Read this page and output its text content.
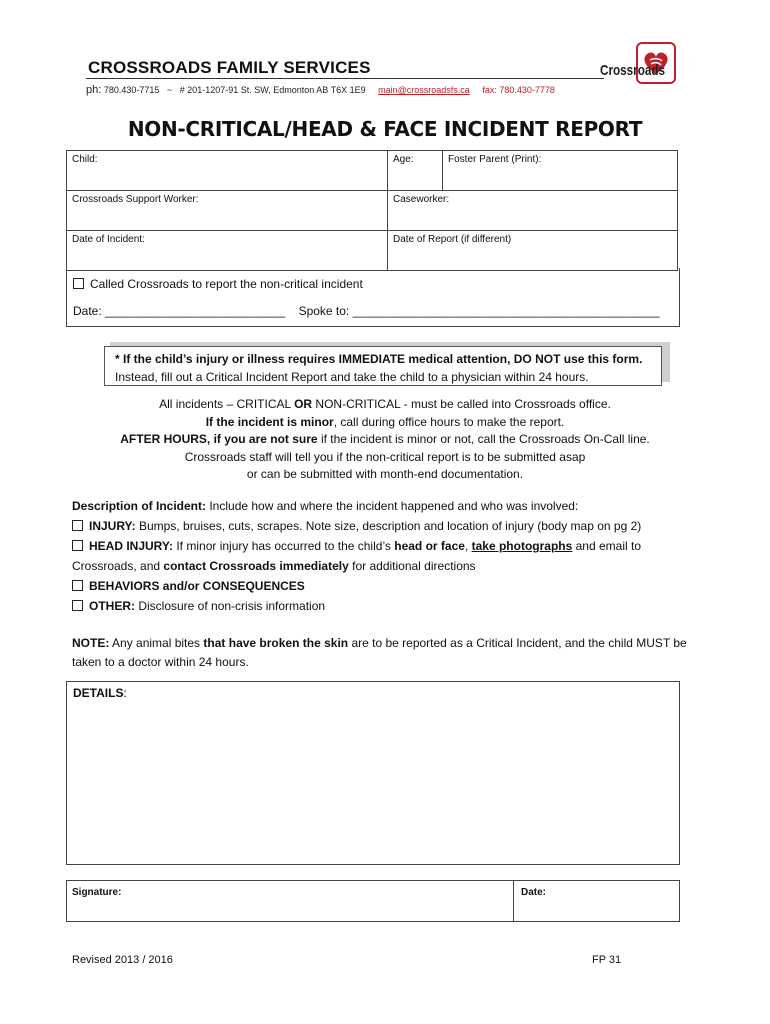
CROSSROADS FAMILY SERVICES
ph: 780.430-7715 ~ # 201-1207-91 St. SW, Edmonton AB T6X 1E9 main@crossroadsfs.ca fax: 780.430-7778
Crossroads
NON-CRITICAL/HEAD & FACE INCIDENT REPORT
Child:	Age:	Foster Parent (Print):
Crossroads Support Worker:	Caseworker:	
Date of Incident:	Date of Report (if different)	
Called Crossroads to report the non-critical incident
Date: ___________________________ Spoke to: ______________________________________________
* If the child’s injury or illness requires IMMEDIATE medical attention, DO NOT use this form.
Instead, fill out a Critical Incident Report and take the child to a physician within 24 hours.
All incidents – CRITICAL OR NON-CRITICAL - must be called into Crossroads office.
If the incident is minor, call during office hours to make the report.
AFTER HOURS, if you are not sure if the incident is minor or not, call the Crossroads On-Call line.
Crossroads staff will tell you if the non-critical report is to be submitted asap
or can be submitted with month-end documentation.

Description of Incident: Include how and where the incident happened and who was involved:

INJURY: Bumps, bruises, cuts, scrapes. Note size, description and location of injury (body map on pg 2)

HEAD INJURY: If minor injury has occurred to the child’s head or face, take photographs and email to

Crossroads, and contact Crossroads immediately for additional directions

BEHAVIORS and/or CONSEQUENCES

OTHER: Disclosure of non-crisis information

NOTE: Any animal bites that have broken the skin are to be reported as a Critical Incident, and the child MUST be taken to a doctor within 24 hours.
DETAILS:
Signature:	Date:
Revised 2013 / 2016	FP 31
